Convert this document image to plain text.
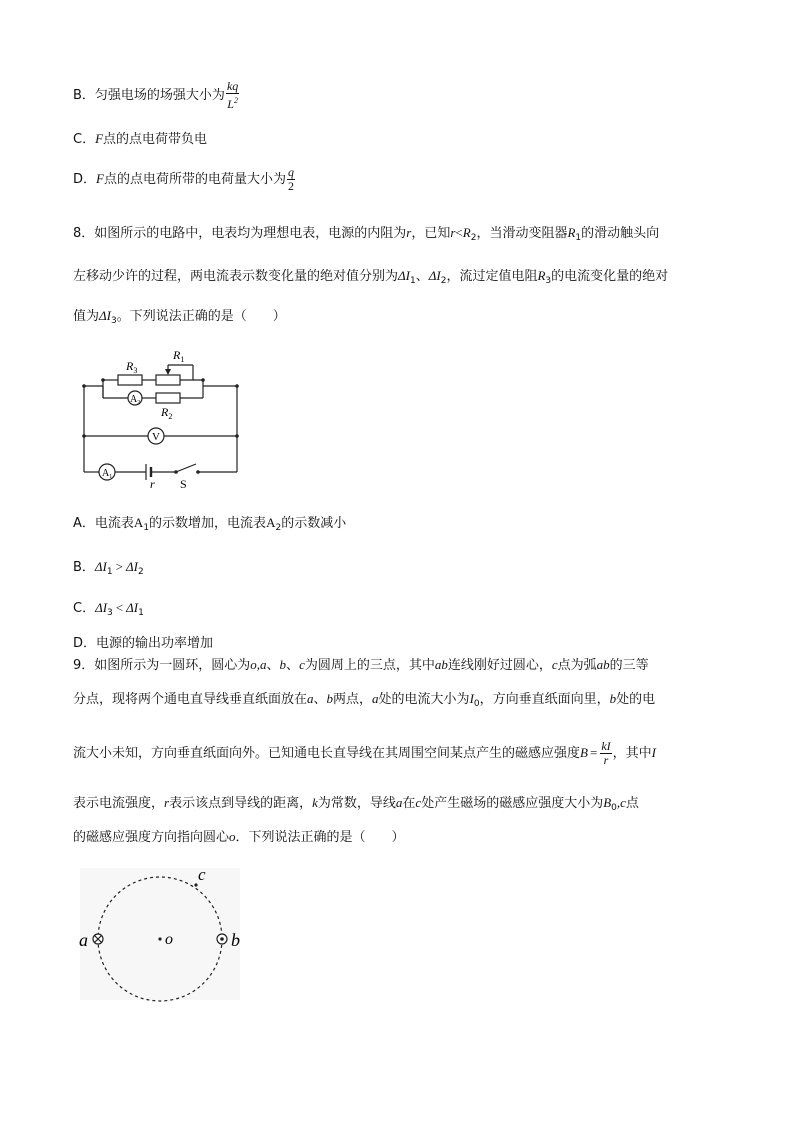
B．匀强电场的场强大小为 $\frac{kq}{L^2}$
C．F点的点电荷带负电
D．F点的点电荷所带的电荷量大小为 $\frac{q}{2}$
8．如图所示的电路中，电表均为理想电表，电源的内阻为r，已知$r<R_2$，当滑动变阻器$R_1$的滑动触头向
左移动少许的过程，两电流表示数变化量的绝对值分别为$\Delta I_1$、$\Delta I_2$，流过定值电阻$R_3$的电流变化量的绝对
值为$\Delta I_3$。下列说法正确的是（　　）
$R_3$
$R_1$
$R_2$
$A_2$
V
$A_1$	r S
A．电流表$A_1$的示数增加，电流表$A_2$的示数减小
B．$\Delta I_1 > \Delta I_2$
C．$\Delta I_3 < \Delta I_1$
D．电源的输出功率增加
9．如图所示为一圆环，圆心为o,a、b、c为圆周上的三点，其中ab连线刚好过圆心，c点为弧ab的三等
分点，现将两个通电直导线垂直纸面放在a、b两点，a处的电流大小为$I_0$，方向垂直纸面向里，b处的电
流大小未知，方向垂直纸面向外。已知通电长直导线在其周围空间某点产生的磁感应强度$B = \frac{kI}{r}$ ，其中I
表示电流强度，r表示该点到导线的距离，k为常数，导线a在c处产生磁场的磁感应强度大小为$B_0,c$点
的磁感应强度方向指向圆心o．下列说法正确的是（　　）
a	b
c
o
